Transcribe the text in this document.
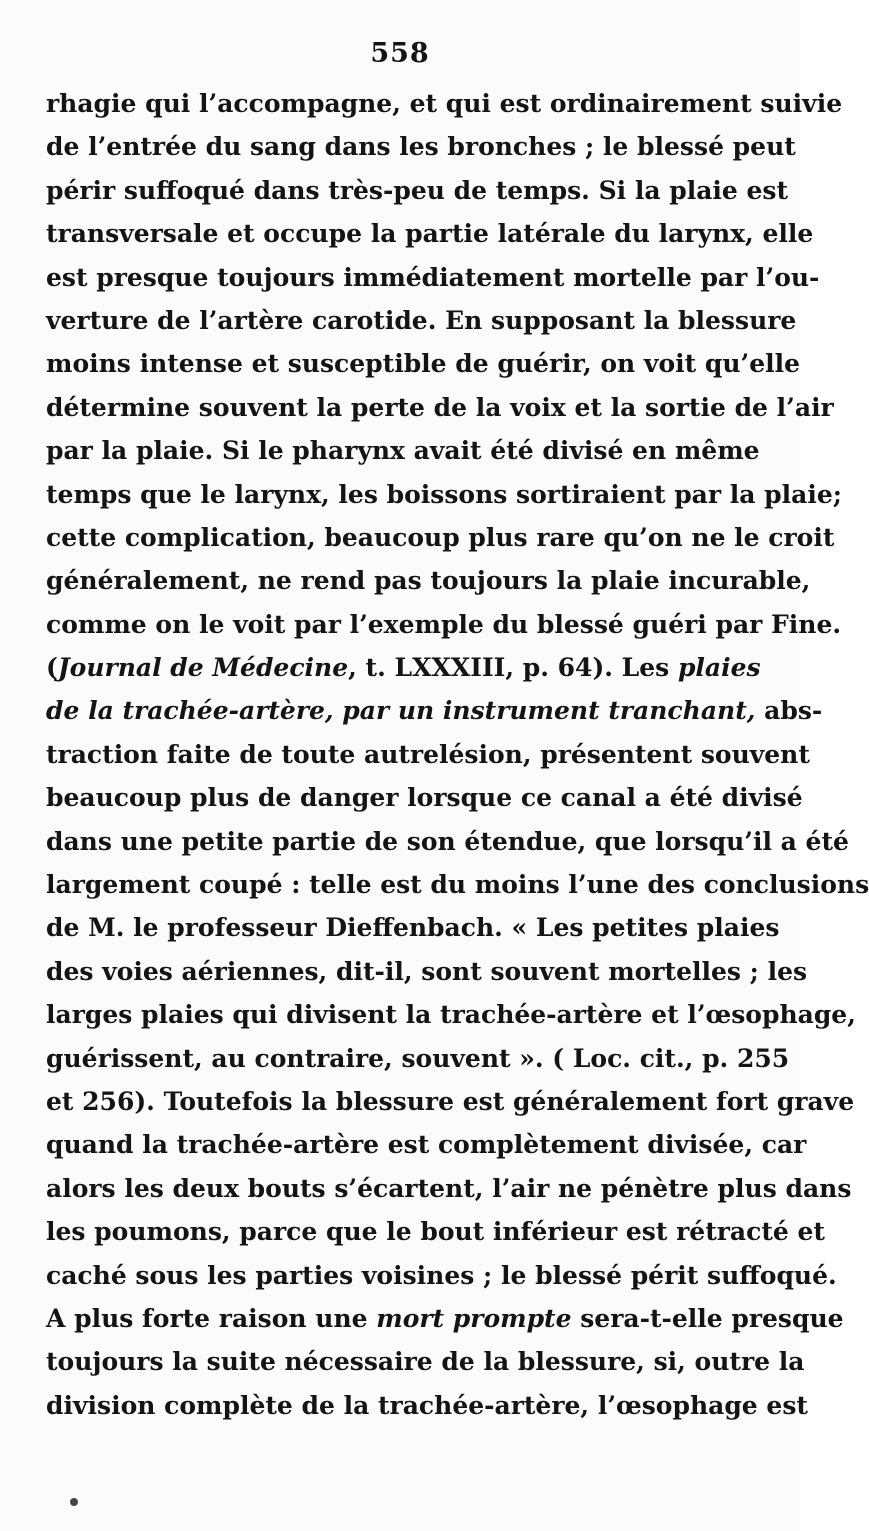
558
rhagie qui l’accompagne, et qui est ordinairement suivie
de l’entrée du sang dans les bronches ; le blessé peut
périr suffoqué dans très-peu de temps. Si la plaie est
transversale et occupe la partie latérale du larynx, elle
est presque toujours immédiatement mortelle par l’ou-
verture de l’artère carotide. En supposant la blessure
moins intense et susceptible de guérir, on voit qu’elle
détermine souvent la perte de la voix et la sortie de l’air
par la plaie. Si le pharynx avait été divisé en même
temps que le larynx, les boissons sortiraient par la plaie;
cette complication, beaucoup plus rare qu’on ne le croit
généralement, ne rend pas toujours la plaie incurable,
comme on le voit par l’exemple du blessé guéri par Fine.
(Journal de Médecine, t. LXXXIII, p. 64). Les plaies
de la trachée-artère, par un instrument tranchant, abs-
traction faite de toute autrelésion, présentent souvent
beaucoup plus de danger lorsque ce canal a été divisé
dans une petite partie de son étendue, que lorsqu’il a été
largement coupé : telle est du moins l’une des conclusions
de M. le professeur Dieffenbach. « Les petites plaies
des voies aériennes, dit-il, sont souvent mortelles ; les
larges plaies qui divisent la trachée-artère et l’œsophage,
guérissent, au contraire, souvent ». ( Loc. cit., p. 255
et 256). Toutefois la blessure est généralement fort grave
quand la trachée-artère est complètement divisée, car
alors les deux bouts s’écartent, l’air ne pénètre plus dans
les poumons, parce que le bout inférieur est rétracté et
caché sous les parties voisines ; le blessé périt suffoqué.
A plus forte raison une mort prompte sera-t-elle presque
toujours la suite nécessaire de la blessure, si, outre la
division complète de la trachée-artère, l’œsophage est
